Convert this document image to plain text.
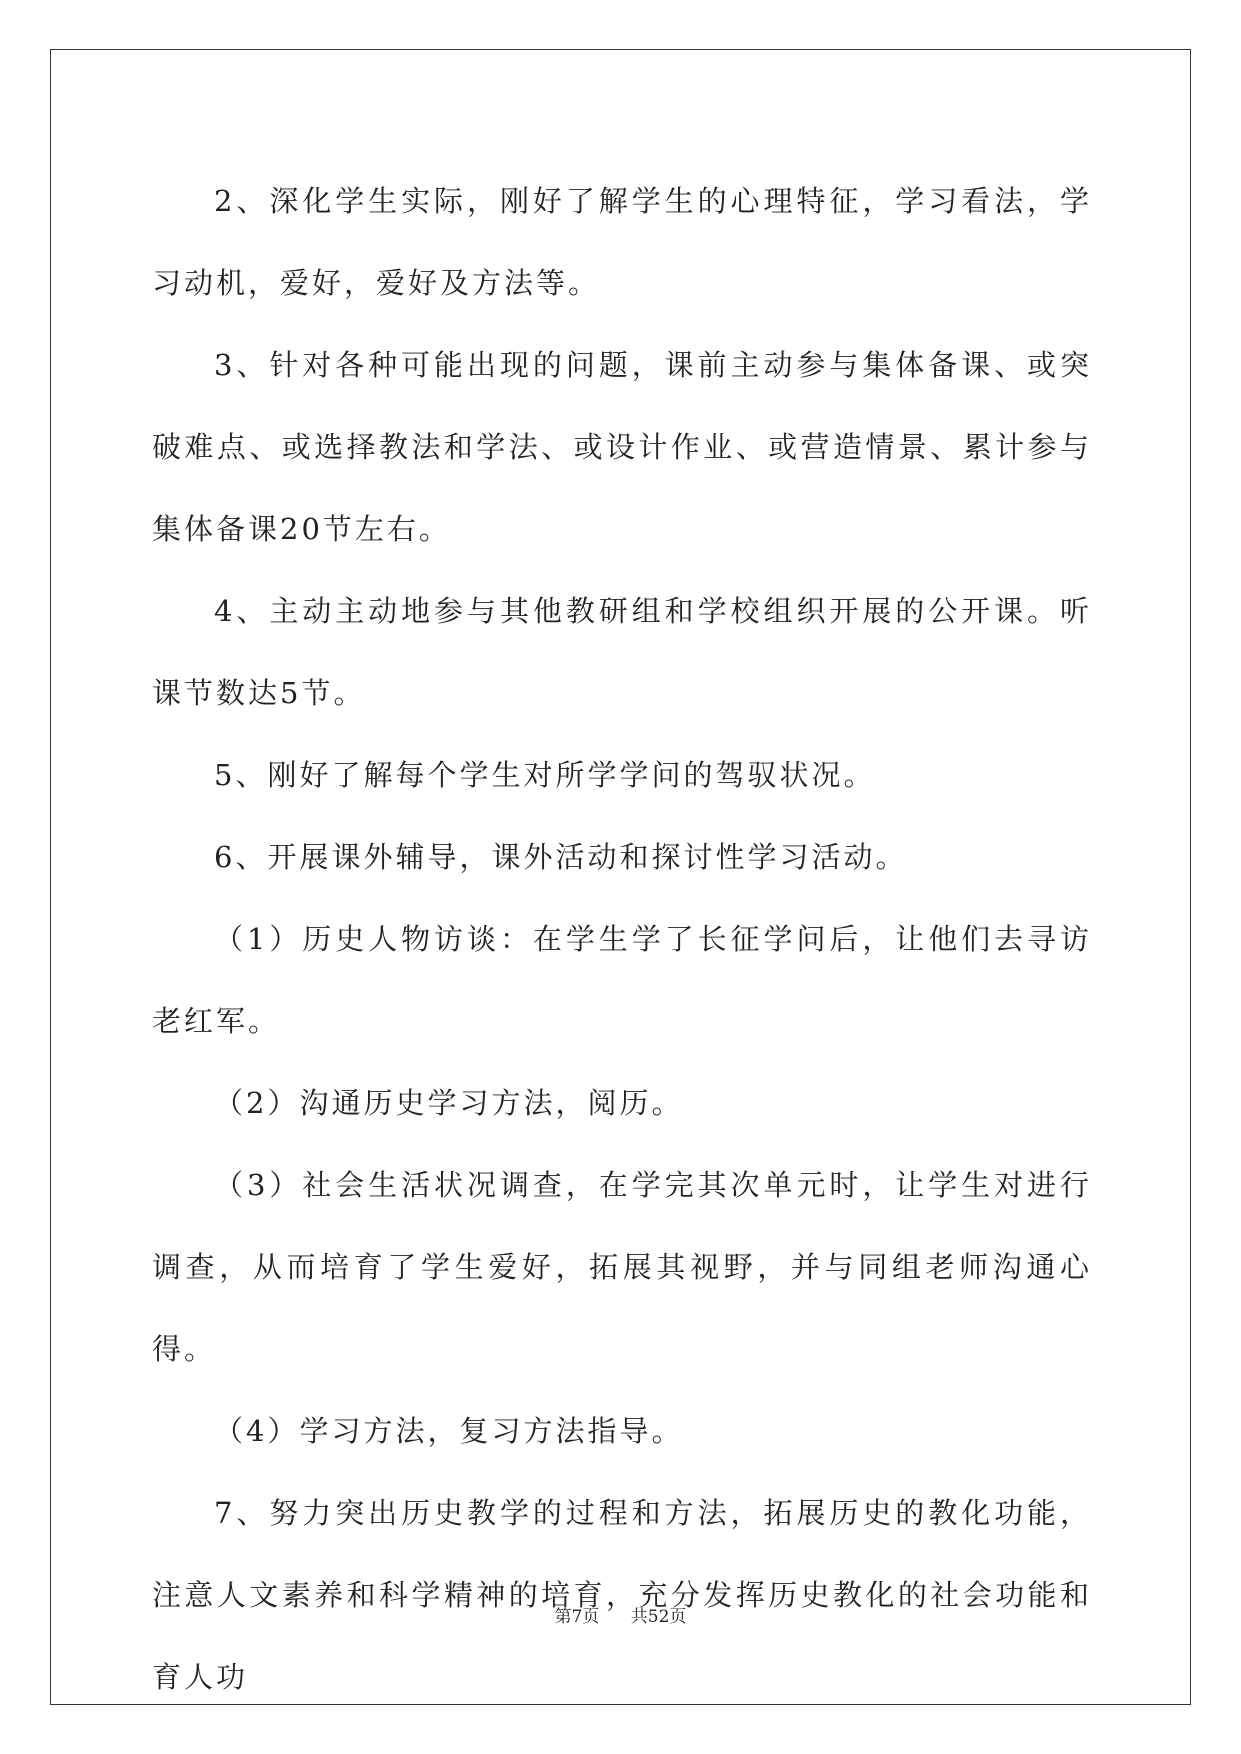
2、深化学生实际，刚好了解学生的心理特征，学习看法，学习动机，爱好，爱好及方法等。

3、针对各种可能出现的问题，课前主动参与集体备课、或突破难点、或选择教法和学法、或设计作业、或营造情景、累计参与集体备课20节左右。

4、主动主动地参与其他教研组和学校组织开展的公开课。听课节数达5节。

5、刚好了解每个学生对所学学问的驾驭状况。

6、开展课外辅导，课外活动和探讨性学习活动。

（1）历史人物访谈：在学生学了长征学问后，让他们去寻访老红军。

（2）沟通历史学习方法，阅历。

（3）社会生活状况调查，在学完其次单元时，让学生对进行调查，从而培育了学生爱好，拓展其视野，并与同组老师沟通心得。

（4）学习方法，复习方法指导。

7、努力突出历史教学的过程和方法，拓展历史的教化功能，注意人文素养和科学精神的培育，充分发挥历史教化的社会功能和育人功

第7页 共52页
